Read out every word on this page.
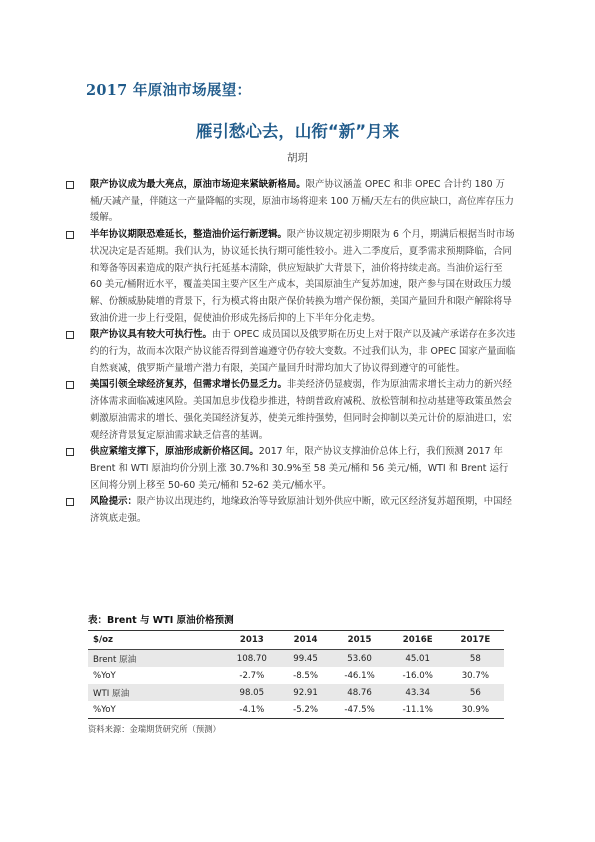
2017 年原油市场展望：
雁引愁心去，山衔“新”月来
胡玥

限产协议成为最大亮点，原油市场迎来紧缺新格局。限产协议涵盖 OPEC 和非 OPEC 合计约 180 万桶/天减产量，伴随这一产量降幅的实现，原油市场将迎来 100 万桶/天左右的供应缺口，高位库存压力缓解。

半年协议期限恐难延长，整造油价运行新逻辑。限产协议规定初步期限为 6 个月，期满后根据当时市场状况决定是否延期。我们认为，协议延长执行期可能性较小。进入二季度后，夏季需求预期降临，合同和筹备等因素造成的限产执行托延基本清除，供应短缺扩大背景下，油价将持续走高。当油价运行至 60 美元/桶附近水平，覆盖美国主要产区生产成本，美国原油生产复苏加速，限产参与国在财政压力缓解、份额威胁陡增的背景下，行为模式将由限产保价转换为增产保份额，美国产量回升和限产解除将导致油价进一步上行受阻，促使油价形成先扬后抑的上下半年分化走势。

限产协议具有较大可执行性。由于 OPEC 成员国以及俄罗斯在历史上对于限产以及减产承诺存在多次违约的行为，故而本次限产协议能否得到普遍遵守仍存较大变数。不过我们认为，非 OPEC 国家产量面临自然衰减，俄罗斯产量增产潜力有限，美国产量回升时滞均加大了协议得到遵守的可能性。

美国引领全球经济复苏，但需求增长仍显乏力。非美经济仍显疲弱，作为原油需求增长主动力的新兴经济体需求面临减速风险。美国加息步伐稳步推进，特朗普政府减税、放松管制和拉动基建等政策虽然会刺激原油需求的增长、强化美国经济复苏，使美元维持强势，但同时会抑制以美元计价的原油进口，宏观经济背景复定原油需求缺乏信喜的基调。

供应紧缩支撑下，原油形成新价格区间。2017 年，限产协议支撑油价总体上行，我们预测 2017 年 Brent 和 WTI 原油均价分别上涨 30.7%和 30.9%至 58 美元/桶和 56 美元/桶，WTI 和 Brent 运行区间将分别上移至 50-60 美元/桶和 52-62 美元/桶水平。

风险提示：限产协议出现违约，地缘政治等导致原油计划外供应中断，欧元区经济复苏超预期，中国经济筑底走强。

表：Brent 与 WTI 原油价格预测
$/oz	2013	2014	2015	2016E	2017E
Brent 原油	108.70	99.45	53.60	45.01	58
%YoY	-2.7%	-8.5%	-46.1%	-16.0%	30.7%
WTI 原油	98.05	92.91	48.76	43.34	56
%YoY	-4.1%	-5.2%	-47.5%	-11.1%	30.9%
资料来源：金瑞期货研究所（预测）
